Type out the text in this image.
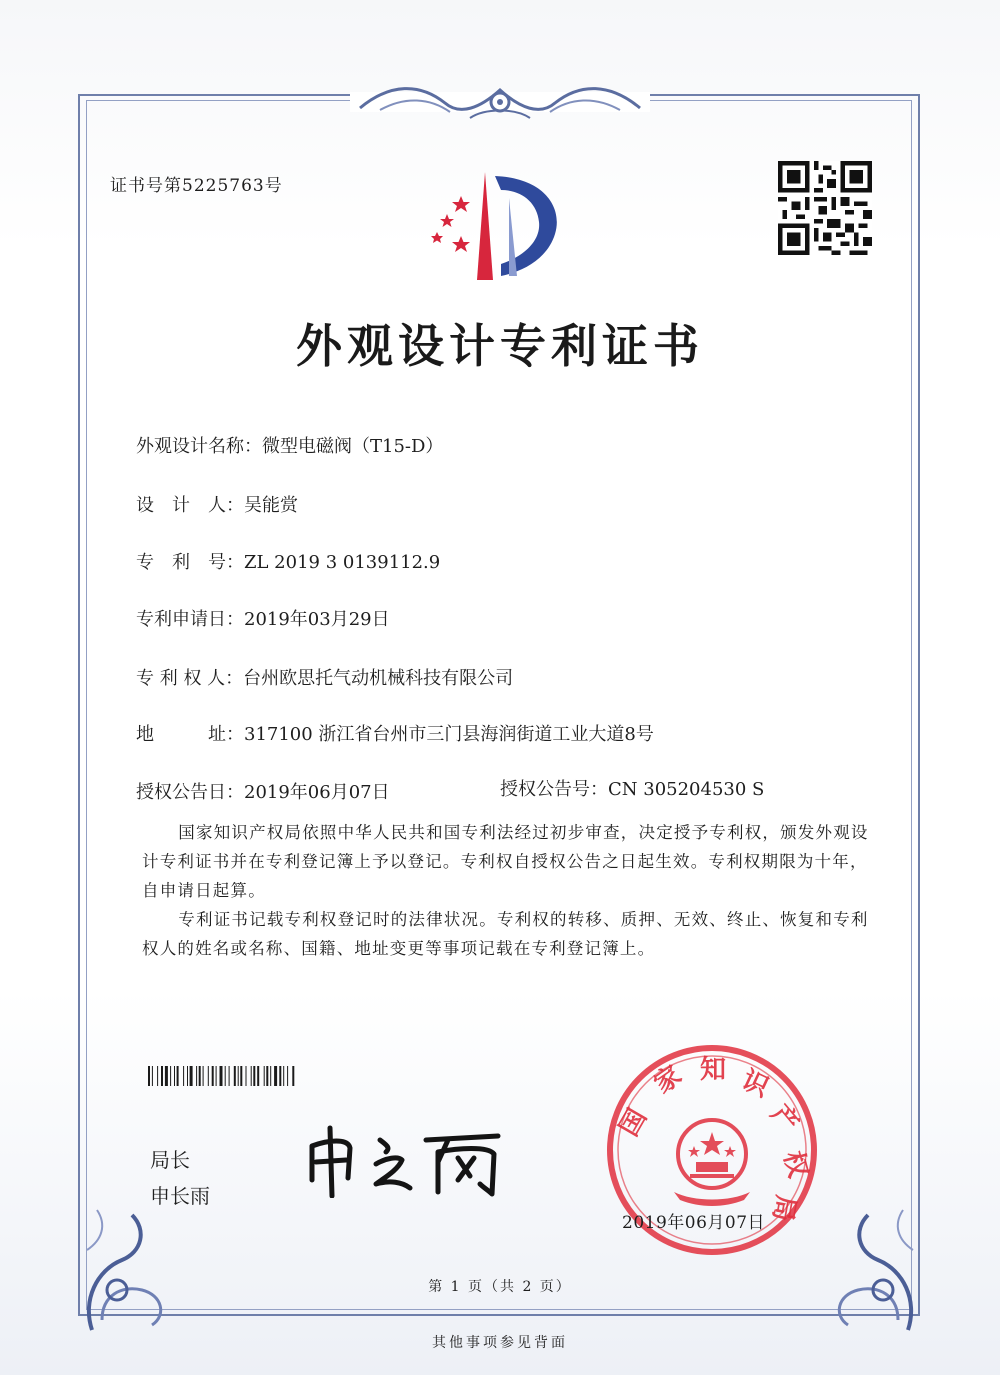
证书号第5225763号
外观设计专利证书
外观设计名称：微型电磁阀（T15-D）
设　计　人：吴能赏
专　利　号：ZL 2019 3 0139112.9
专利申请日：2019年03月29日
专 利 权 人：台州欧思托气动机械科技有限公司
地　　　址：317100 浙江省台州市三门县海润街道工业大道8号
授权公告日：2019年06月07日	授权公告号：CN 305204530 S

国家知识产权局依照中华人民共和国专利法经过初步审查，决定授予专利权，颁发外观设计专利证书并在专利登记簿上予以登记。专利权自授权公告之日起生效。专利权期限为十年，自申请日起算。

专利证书记载专利权登记时的法律状况。专利权的转移、质押、无效、终止、恢复和专利权人的姓名或名称、国籍、地址变更等事项记载在专利登记簿上。

局长
申长雨
国
家 知 识
产
权
局
2019年06月07日
第 1 页（共 2 页）
其他事项参见背面
